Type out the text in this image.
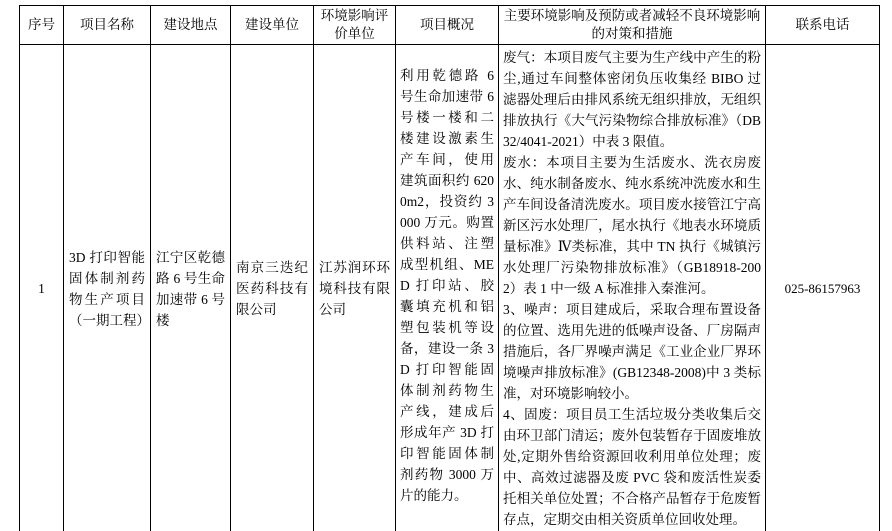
序号	项目名称	建设地点	建设单位	环境影响评价单位	项目概况	主要环境影响及预防或者减轻不良环境影响的对策和措施	联系电话
1	3D 打印智能固体制剂药物生产项目（一期工程）	江宁区乾德路 6 号生命加速带 6 号楼	南京三迭纪医药科技有限公司	江苏润环环境科技有限公司	利用乾德路 6 号生命加速带 6 号楼一楼和二楼建设激素生产车间，使用建筑面积约 6200m2，投资约 3000 万元。购置供料站、注塑成型机组、MED 打印站、胶囊填充机和铝塑包装机等设备，建设一条 3D 打印智能固体制剂药物生产线，建成后形成年产 3D 打印智能固体制剂药物 3000 万片的能力。	废气：本项目废气主要为生产线中产生的粉尘,通过车间整体密闭负压收集经 BIBO 过滤器处理后由排风系统无组织排放，无组织排放执行《大气污染物综合排放标准》（DB32/4041-2021）中表 3 限值。

废水：本项目主要为生活废水、洗衣房废水、纯水制备废水、纯水系统冲洗废水和生产车间设备清洗废水。项目废水接管江宁高新区污水处理厂，尾水执行《地表水环境质量标准》Ⅳ类标准，其中 TN 执行《城镇污水处理厂污染物排放标准》（GB18918-2002）表 1 中一级 A 标准排入秦淮河。

3、噪声：项目建成后，采取合理布置设备的位置、选用先进的低噪声设备、厂房隔声措施后，各厂界噪声满足《工业企业厂界环境噪声排放标准》(GB12348-2008)中 3 类标准，对环境影响较小。

4、固废：项目员工生活垃圾分类收集后交由环卫部门清运；废外包装暂存于固废堆放处,定期外售给资源回收利用单位处理；废中、高效过滤器及废 PVC 袋和废活性炭委托相关单位处置；不合格产品暂存于危废暂存点，定期交由相关资质单位回收处理。	025-86157963
